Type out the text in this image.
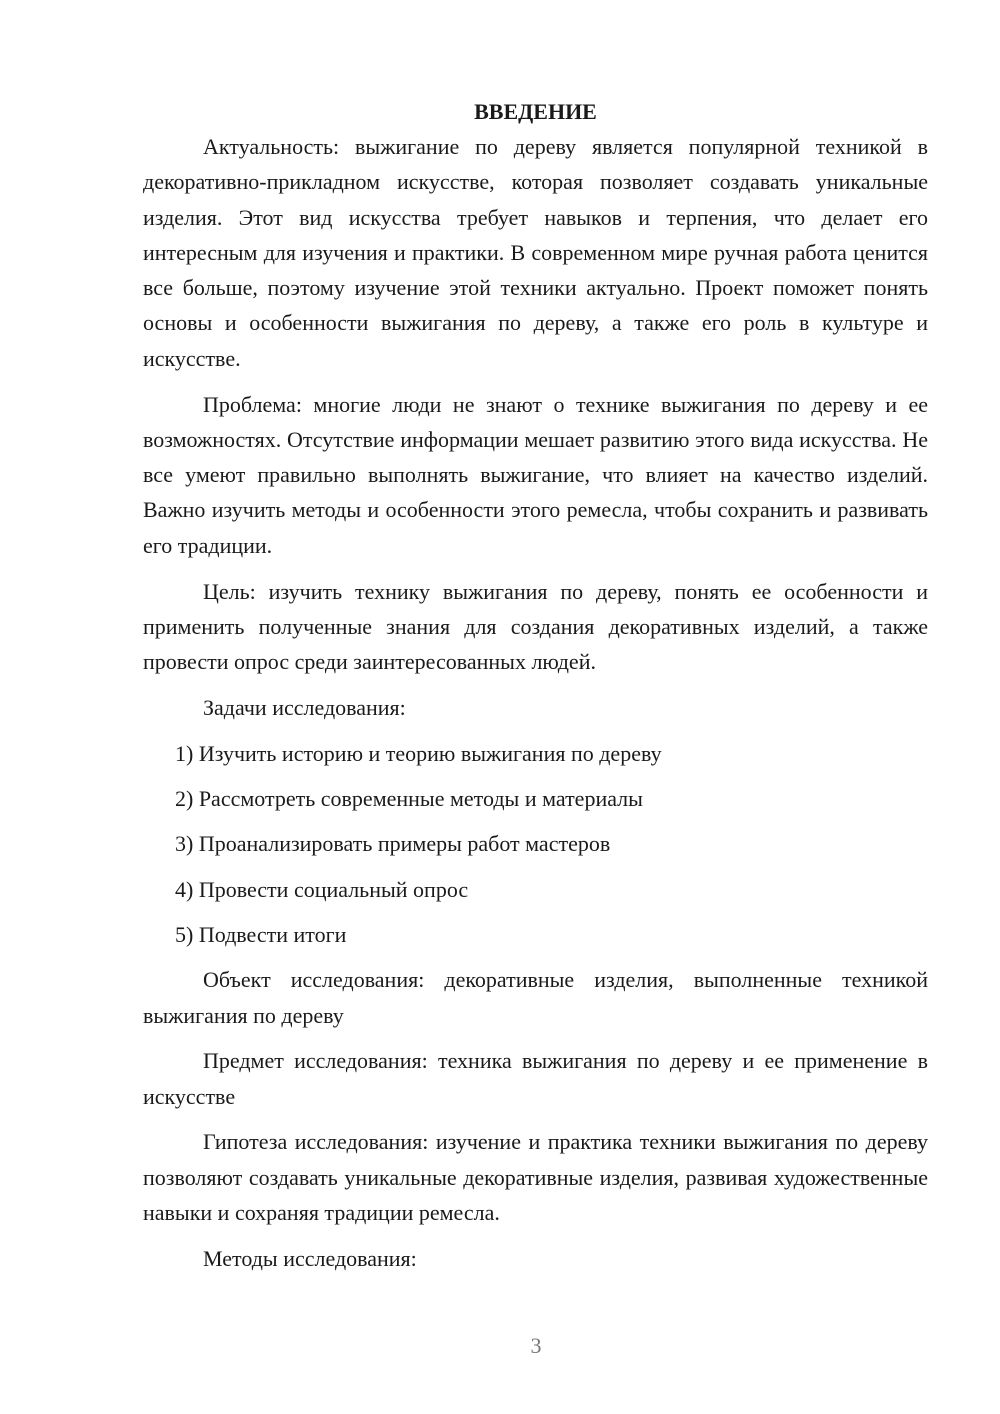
ВВЕДЕНИЕ

Актуальность: выжигание по дереву является популярной техникой в декоративно-прикладном искусстве, которая позволяет создавать уникальные изделия. Этот вид искусства требует навыков и терпения, что делает его интересным для изучения и практики. В современном мире ручная работа ценится все больше, поэтому изучение этой техники актуально. Проект поможет понять основы и особенности выжигания по дереву, а также его роль в культуре и искусстве.

Проблема: многие люди не знают о технике выжигания по дереву и ее возможностях. Отсутствие информации мешает развитию этого вида искусства. Не все умеют правильно выполнять выжигание, что влияет на качество изделий. Важно изучить методы и особенности этого ремесла, чтобы сохранить и развивать его традиции.

Цель: изучить технику выжигания по дереву, понять ее особенности и применить полученные знания для создания декоративных изделий, а также провести опрос среди заинтересованных людей.

Задачи исследования:

1) Изучить историю и теорию выжигания по дереву
2) Рассмотреть современные методы и материалы
3) Проанализировать примеры работ мастеров
4) Провести социальный опрос
5) Подвести итоги

Объект исследования: декоративные изделия, выполненные техникой выжигания по дереву

Предмет исследования: техника выжигания по дереву и ее применение в искусстве

Гипотеза исследования: изучение и практика техники выжигания по дереву позволяют создавать уникальные декоративные изделия, развивая художественные навыки и сохраняя традиции ремесла.

Методы исследования:

3
